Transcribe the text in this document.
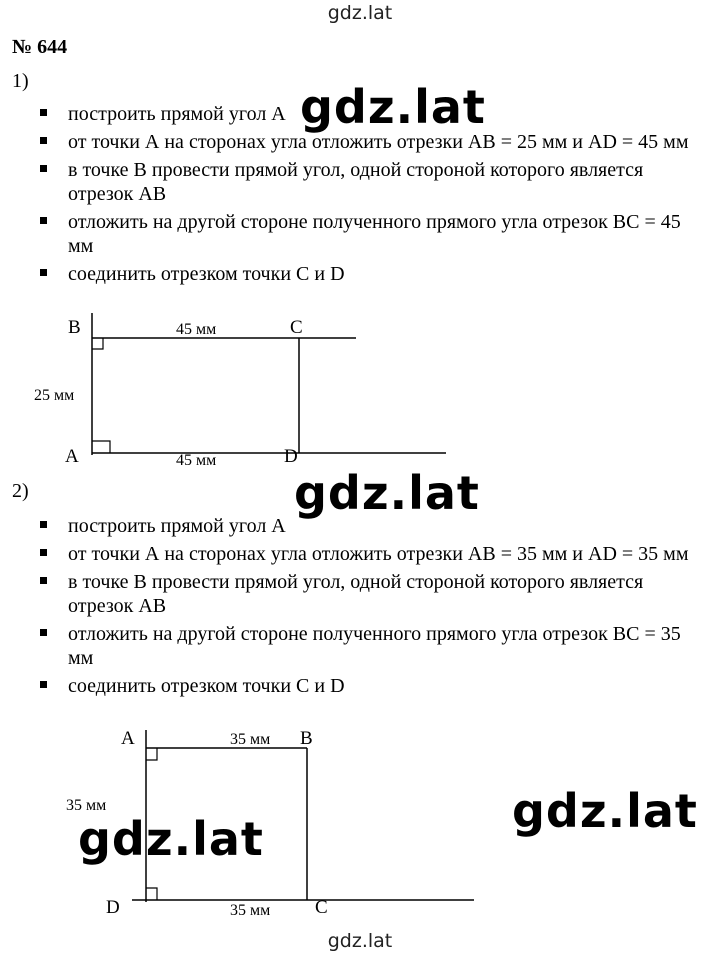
gdz.lat
№ 644
1)
построить прямой угол А
от точки А на сторонах угла отложить отрезки АВ = 25 мм и АD = 45 мм
в точке В провести прямой угол, одной стороной которого является отрезок АВ
отложить на другой стороне полученного прямого угла отрезок ВС = 45 мм
соединить отрезком точки С и D
B	C
A	D
45 мм
25 мм
45 мм
2)
построить прямой угол А
от точки А на сторонах угла отложить отрезки АВ = 35 мм и АD = 35 мм
в точке В провести прямой угол, одной стороной которого является отрезок АВ
отложить на другой стороне полученного прямого угла отрезок ВС = 35 мм
соединить отрезком точки С и D
A	B
D	C
35 мм
35 мм
35 мм
gdz.lat
gdz.lat
gdz.lat
gdz.lat
gdz.lat
